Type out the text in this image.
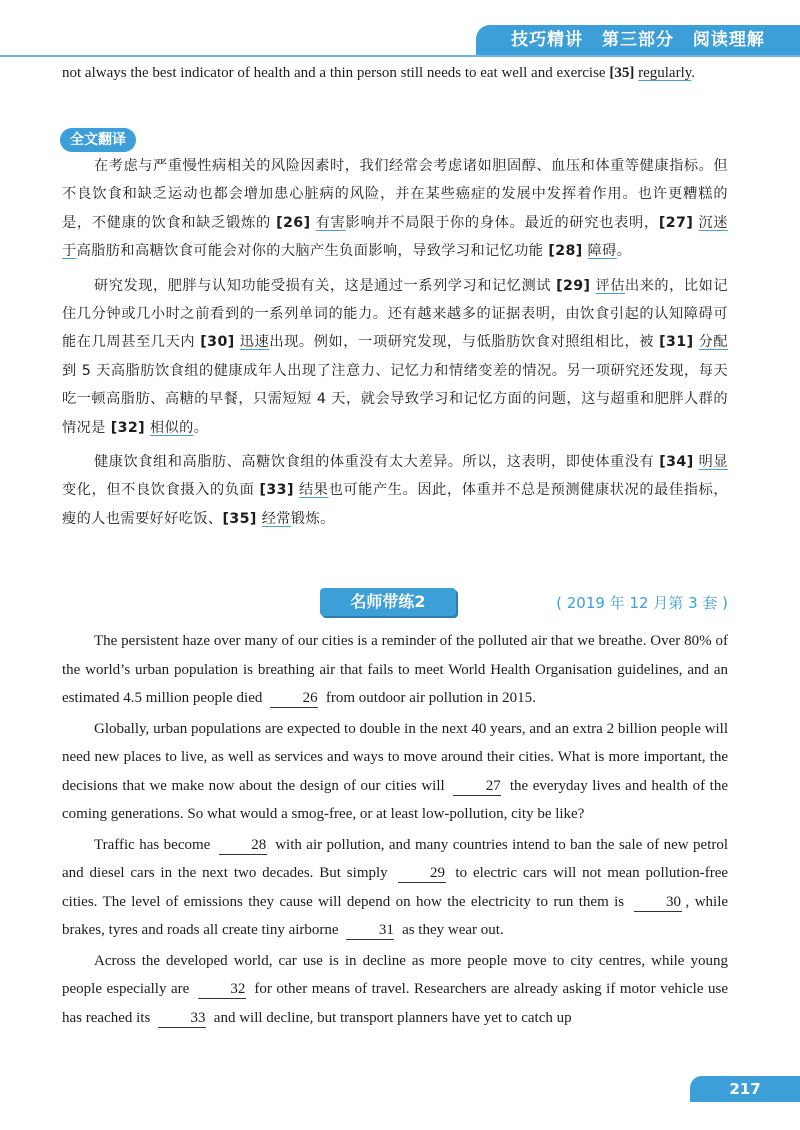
技巧精讲 第三部分 阅读理解

not always the best indicator of health and a thin person still needs to eat well and exercise [35] regularly.

全文翻译

在考虑与严重慢性病相关的风险因素时，我们经常会考虑诸如胆固醇、血压和体重等健康指标。但不良饮食和缺乏运动也都会增加患心脏病的风险，并在某些癌症的发展中发挥着作用。也许更糟糕的是，不健康的饮食和缺乏锻炼的 [26] 有害影响并不局限于你的身体。最近的研究也表明，[27] 沉迷于高脂肪和高糖饮食可能会对你的大脑产生负面影响，导致学习和记忆功能 [28] 障碍。

研究发现，肥胖与认知功能受损有关，这是通过一系列学习和记忆测试 [29] 评估出来的，比如记住几分钟或几小时之前看到的一系列单词的能力。还有越来越多的证据表明，由饮食引起的认知障碍可能在几周甚至几天内 [30] 迅速出现。例如，一项研究发现，与低脂肪饮食对照组相比，被 [31] 分配到 5 天高脂肪饮食组的健康成年人出现了注意力、记忆力和情绪变差的情况。另一项研究还发现，每天吃一顿高脂肪、高糖的早餐，只需短短 4 天，就会导致学习和记忆方面的问题，这与超重和肥胖人群的情况是 [32] 相似的。

健康饮食组和高脂肪、高糖饮食组的体重没有太大差异。所以，这表明，即使体重没有 [34] 明显变化，但不良饮食摄入的负面 [33] 结果也可能产生。因此，体重并不总是预测健康状况的最佳指标，瘦的人也需要好好吃饭、[35] 经常锻炼。

名师带练2	( 2019 年 12 月第 3 套 )

The persistent haze over many of our cities is a reminder of the polluted air that we breathe. Over 80% of the world’s urban population is breathing air that fails to meet World Health Organisation guidelines, and an estimated 4.5 million people died	26 from outdoor air pollution in 2015.

Globally, urban populations are expected to double in the next 40 years, and an extra 2 billion people will need new places to live, as well as services and ways to move around their cities. What is more important, the decisions that we make now about the design of our cities will	27 the everyday lives and health of the coming generations. So what would a smog-free, or at least low-pollution, city be like?

Traffic has become	28 with air pollution, and many countries intend to ban the sale of new petrol and diesel cars in the next two decades. But simply	29 to electric cars will not mean pollution-free cities. The level of emissions they cause will depend on how the electricity to run them is	30 , while brakes, tyres and roads all create tiny airborne	31 as they wear out.

Across the developed world, car use is in decline as more people move to city centres, while young people especially are	32 for other means of travel. Researchers are already asking if motor vehicle use has reached its	33 and will decline, but transport planners have yet to catch up

217
